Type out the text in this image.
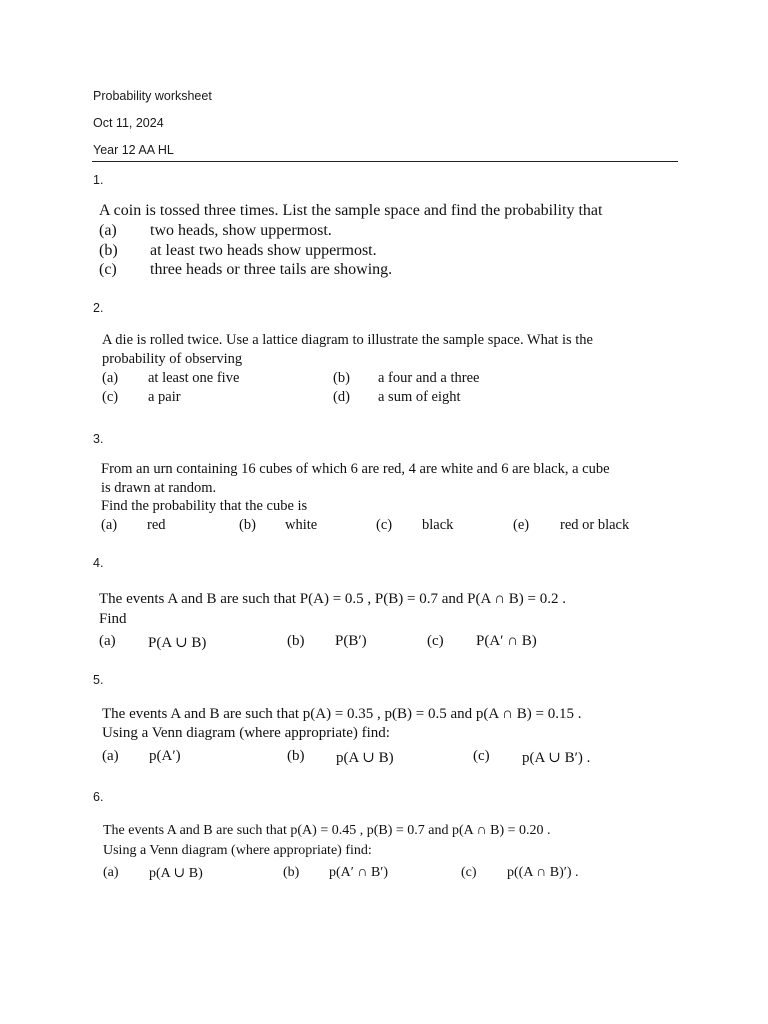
Probability worksheet
Oct 11, 2024
Year 12 AA HL
1.
A coin is tossed three times. List the sample space and find the probability that
(a) two heads, show uppermost.
(b) at least two heads show uppermost.
(c) three heads or three tails are showing.
2.
A die is rolled twice. Use a lattice diagram to illustrate the sample space. What is the
probability of observing
(a) at least one five	(b) a four and a three
(c) a pair	(d) a sum of eight
3.
From an urn containing 16 cubes of which 6 are red, 4 are white and 6 are black, a cube
is drawn at random.
Find the probability that the cube is
(a) red	(b) white	(c) black	(e) red or black
4.
The events A and B are such that P(A) = 0.5 , P(B) = 0.7 and P(A ∩ B) = 0.2 .
Find
(a) P(A ∪ B)	(b) P(B′)	(c) P(A′ ∩ B)
5.
The events A and B are such that p(A) = 0.35 , p(B) = 0.5 and p(A ∩ B) = 0.15 .
Using a Venn diagram (where appropriate) find:
(a) p(A′)	(b) p(A ∪ B)	(c) p(A ∪ B′) .
6.
The events A and B are such that p(A) = 0.45 , p(B) = 0.7 and p(A ∩ B) = 0.20 .
Using a Venn diagram (where appropriate) find:
(a) p(A ∪ B)	(b) p(A′ ∩ B′)	(c) p((A ∩ B)′) .
